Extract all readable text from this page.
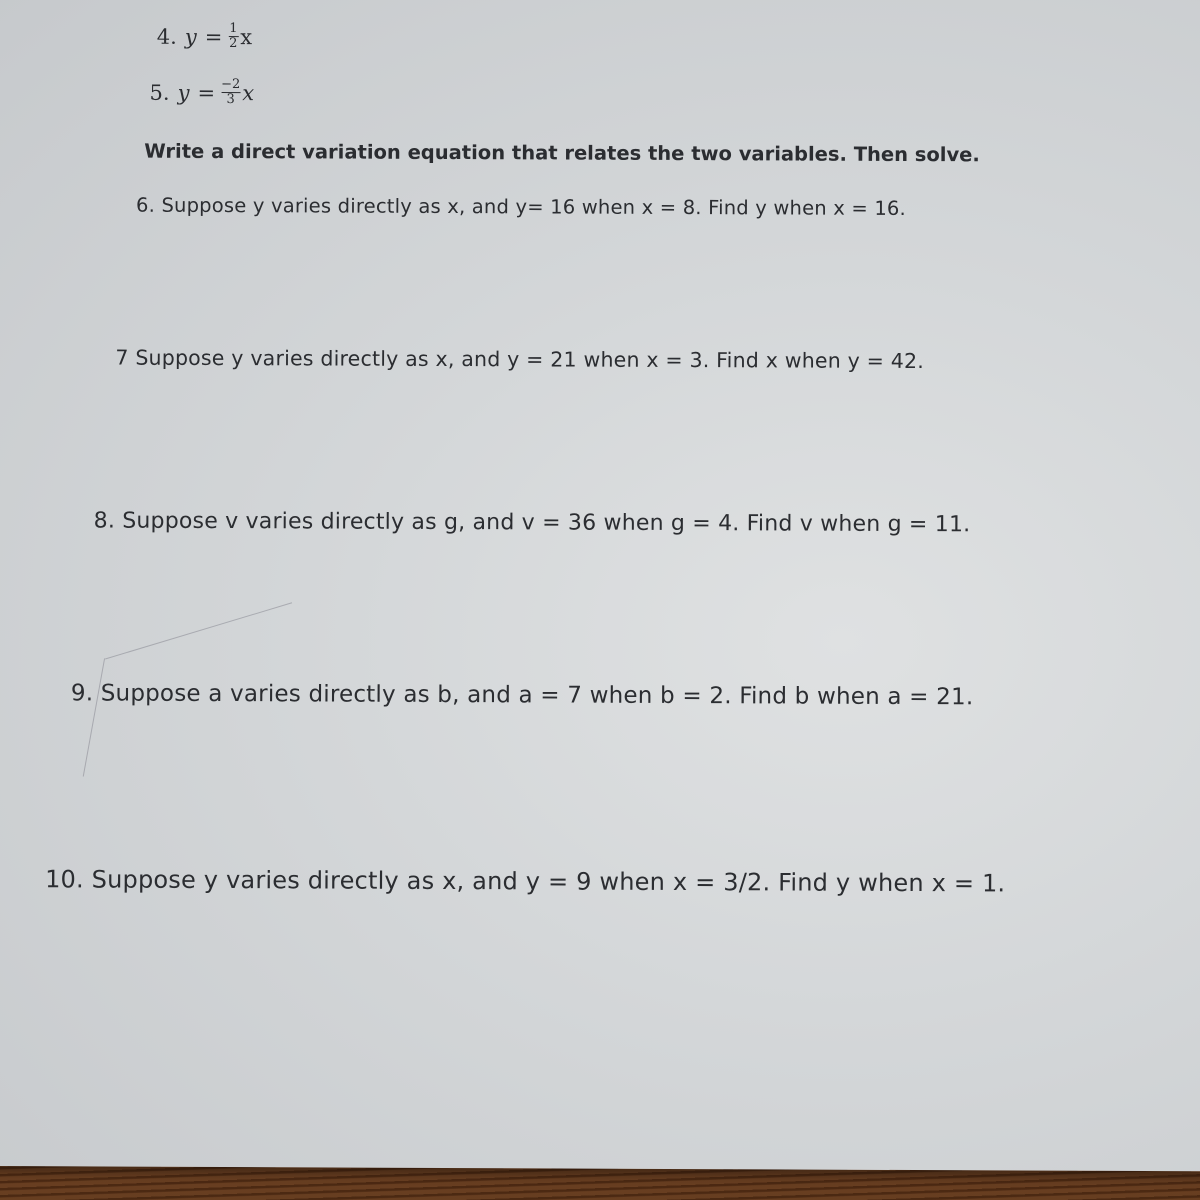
4. $y = \frac{1}{2}$ x
5. $y = \frac{-2}{3}$ x
Write a direct variation equation that relates the two variables. Then solve.
6. Suppose y varies directly as x, and y= 16 when x = 8. Find y when x = 16.
7 Suppose y varies directly as x, and y = 21 when x = 3. Find x when y = 42.
8. Suppose v varies directly as g, and v = 36 when g = 4. Find v when g = 11.
9. Suppose a varies directly as b, and a = 7 when b = 2. Find b when a = 21.
10. Suppose y varies directly as x, and y = 9 when x = 3/2. Find y when x = 1.
